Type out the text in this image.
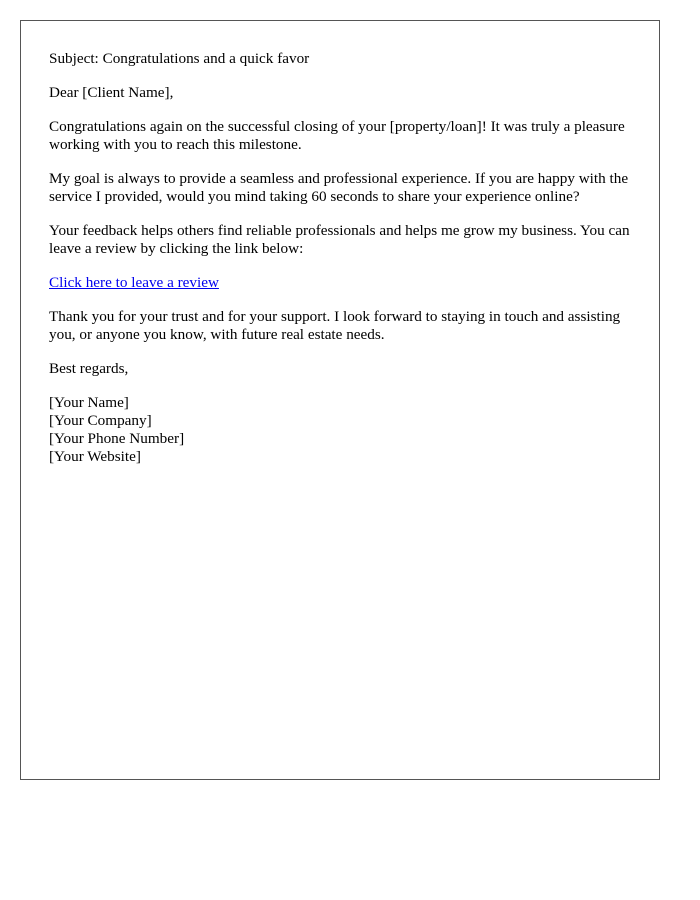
Subject: Congratulations and a quick favor

Dear [Client Name],

Congratulations again on the successful closing of your [property/loan]! It was truly a pleasure working with you to reach this milestone.

My goal is always to provide a seamless and professional experience. If you are happy with the service I provided, would you mind taking 60 seconds to share your experience online?

Your feedback helps others find reliable professionals and helps me grow my business. You can leave a review by clicking the link below:

Click here to leave a review

Thank you for your trust and for your support. I look forward to staying in touch and assisting you, or anyone you know, with future real estate needs.

Best regards,

[Your Name]
[Your Company]
[Your Phone Number]
[Your Website]
